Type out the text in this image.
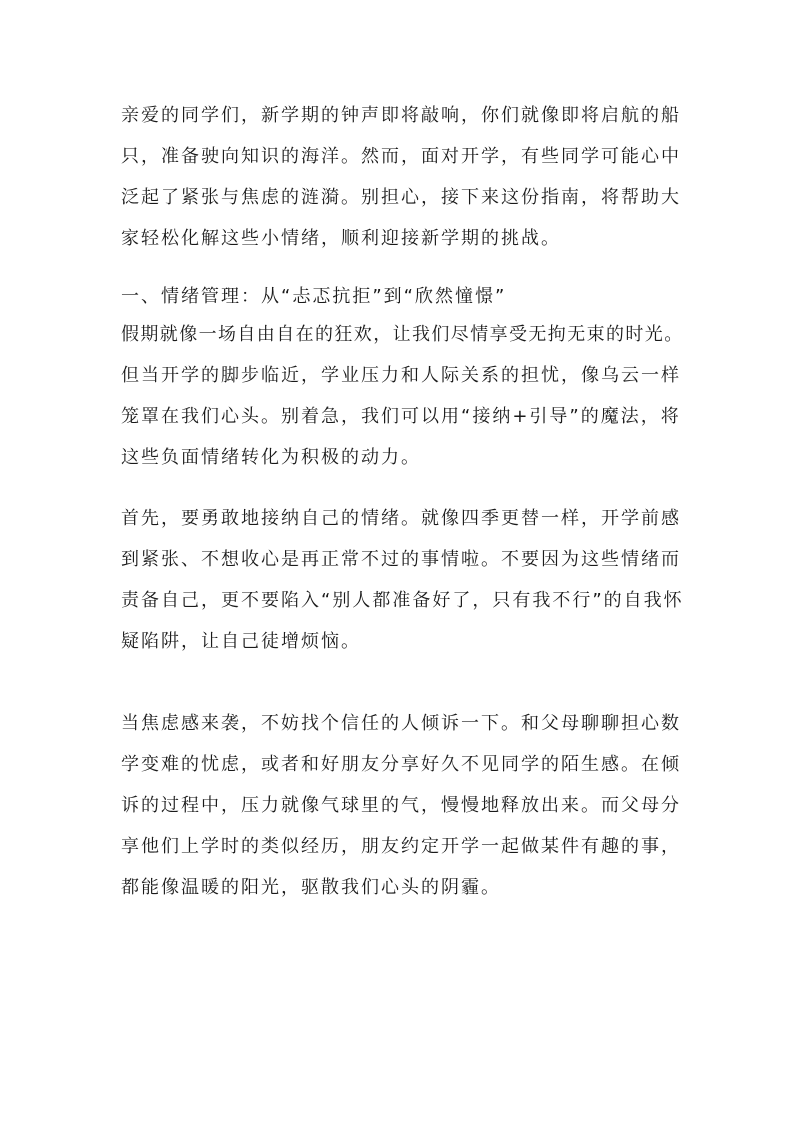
亲爱的同学们，新学期的钟声即将敲响，你们就像即将启航的船
只，准备驶向知识的海洋。然而，面对开学，有些同学可能心中
泛起了紧张与焦虑的涟漪。别担心，接下来这份指南，将帮助大
家轻松化解这些小情绪，顺利迎接新学期的挑战。
一、情绪管理：从“忐忑抗拒”到“欣然憧憬”
假期就像一场自由自在的狂欢，让我们尽情享受无拘无束的时光。
但当开学的脚步临近，学业压力和人际关系的担忧，像乌云一样
笼罩在我们心头。别着急，我们可以用“接纳+引导”的魔法，将
这些负面情绪转化为积极的动力。
首先，要勇敢地接纳自己的情绪。就像四季更替一样，开学前感
到紧张、不想收心是再正常不过的事情啦。不要因为这些情绪而
责备自己，更不要陷入“别人都准备好了，只有我不行”的自我怀
疑陷阱，让自己徒增烦恼。
当焦虑感来袭，不妨找个信任的人倾诉一下。和父母聊聊担心数
学变难的忧虑，或者和好朋友分享好久不见同学的陌生感。在倾
诉的过程中，压力就像气球里的气，慢慢地释放出来。而父母分
享他们上学时的类似经历，朋友约定开学一起做某件有趣的事，
都能像温暖的阳光，驱散我们心头的阴霾。
